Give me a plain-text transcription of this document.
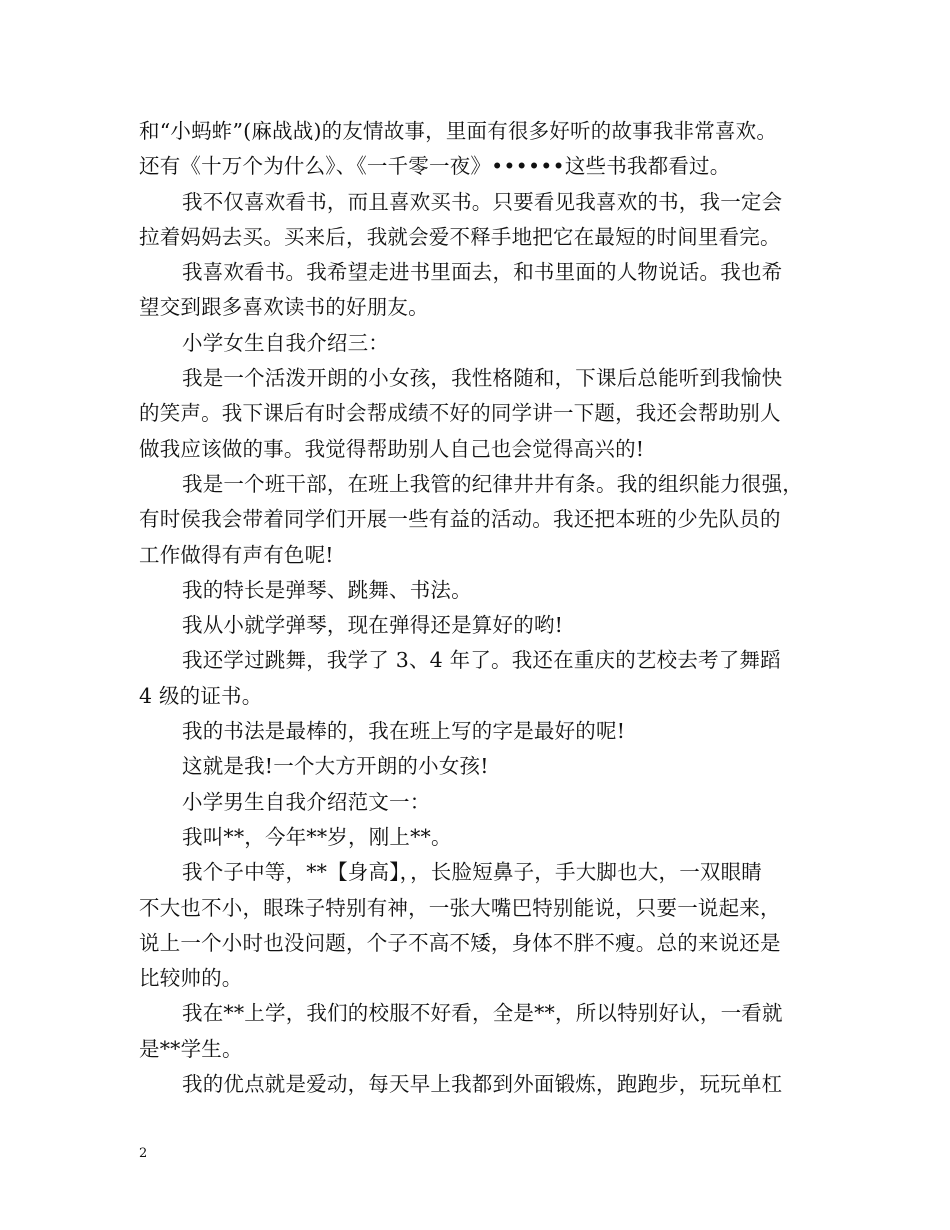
和“小蚂蚱”(麻战战)的友情故事，里面有很多好听的故事我非常喜欢。
还有《十万个为什么》、《一千零一夜》••••••这些书我都看过。
我不仅喜欢看书，而且喜欢买书。只要看见我喜欢的书，我一定会
拉着妈妈去买。买来后，我就会爱不释手地把它在最短的时间里看完。
我喜欢看书。我希望走进书里面去，和书里面的人物说话。我也希
望交到跟多喜欢读书的好朋友。
小学女生自我介绍三：
我是一个活泼开朗的小女孩，我性格随和，下课后总能听到我愉快
的笑声。我下课后有时会帮成绩不好的同学讲一下题，我还会帮助别人
做我应该做的事。我觉得帮助别人自己也会觉得高兴的!
我是一个班干部，在班上我管的纪律井井有条。我的组织能力很强，
有时侯我会带着同学们开展一些有益的活动。我还把本班的少先队员的
工作做得有声有色呢!
我的特长是弹琴、跳舞、书法。
我从小就学弹琴，现在弹得还是算好的哟!
我还学过跳舞，我学了 3、4 年了。我还在重庆的艺校去考了舞蹈
4 级的证书。
我的书法是最棒的，我在班上写的字是最好的呢!
这就是我!一个大方开朗的小女孩!
小学男生自我介绍范文一：
我叫**，今年**岁，刚上**。
我个子中等，**【身高】，，长脸短鼻子，手大脚也大，一双眼睛
不大也不小，眼珠子特别有神，一张大嘴巴特别能说，只要一说起来，
说上一个小时也没问题，个子不高不矮，身体不胖不瘦。总的来说还是
比较帅的。
我在**上学，我们的校服不好看，全是**，所以特别好认，一看就
是**学生。
我的优点就是爱动，每天早上我都到外面锻炼，跑跑步，玩玩单杠
2
